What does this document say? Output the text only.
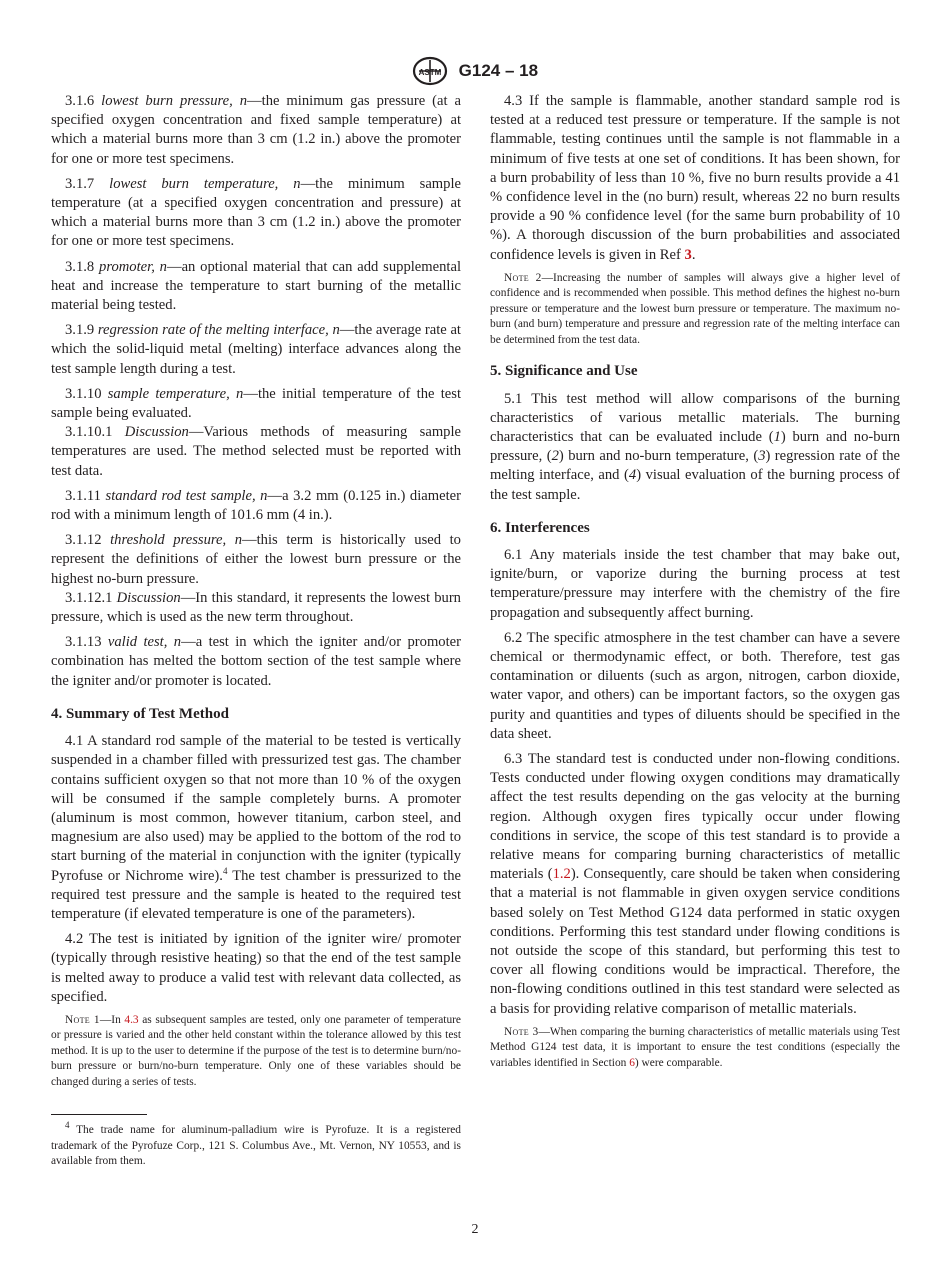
ASTM G124 – 18

3.1.6 lowest burn pressure, n—the minimum gas pressure (at a specified oxygen concentration and fixed sample temperature) at which a material burns more than 3 cm (1.2 in.) above the promoter for one or more test specimens.

3.1.7 lowest burn temperature, n—the minimum sample temperature (at a specified oxygen concentration and pressure) at which a material burns more than 3 cm (1.2 in.) above the promoter for one or more test specimens.

3.1.8 promoter, n—an optional material that can add supplemental heat and increase the temperature to start burning of the metallic material being tested.

3.1.9 regression rate of the melting interface, n—the average rate at which the solid-liquid metal (melting) interface advances along the test sample length during a test.

3.1.10 sample temperature, n—the initial temperature of the test sample being evaluated.

3.1.10.1 Discussion—Various methods of measuring sample temperatures are used. The method selected must be reported with test data.

3.1.11 standard rod test sample, n—a 3.2 mm (0.125 in.) diameter rod with a minimum length of 101.6 mm (4 in.).

3.1.12 threshold pressure, n—this term is historically used to represent the definitions of either the lowest burn pressure or the highest no-burn pressure.

3.1.12.1 Discussion—In this standard, it represents the lowest burn pressure, which is used as the new term throughout.

3.1.13 valid test, n—a test in which the igniter and/or promoter combination has melted the bottom section of the test sample where the igniter and/or promoter is located.

4. Summary of Test Method

4.1 A standard rod sample of the material to be tested is vertically suspended in a chamber filled with pressurized test gas. The chamber contains sufficient oxygen so that not more than 10 % of the oxygen will be consumed if the sample completely burns. A promoter (aluminum is most common, however titanium, carbon steel, and magnesium are also used) may be applied to the bottom of the rod to start burning of the material in conjunction with the igniter (typically Pyrofuse or Nichrome wire).$^4$ The test chamber is pressurized to the required test pressure and the sample is heated to the required test temperature (if elevated temperature is one of the parameters).

4.2 The test is initiated by ignition of the igniter wire/ promoter (typically through resistive heating) so that the end of the test sample is melted away to produce a valid test with relevant data collected, as specified.

Note 1—In 4.3 as subsequent samples are tested, only one parameter of temperature or pressure is varied and the other held constant within the tolerance allowed by this test method. It is up to the user to determine if the purpose of the test is to determine burn/no-burn pressure or burn/no-burn temperature. Only one of these variables should be changed during a series of tests.

$^4$ The trade name for aluminum-palladium wire is Pyrofuze. It is a registered trademark of the Pyrofuze Corp., 121 S. Columbus Ave., Mt. Vernon, NY 10553, and is available from them.

4.3 If the sample is flammable, another standard sample rod is tested at a reduced test pressure or temperature. If the sample is not flammable, testing continues until the sample is not flammable in a minimum of five tests at one set of conditions. It has been shown, for a burn probability of less than 10 %, five no burn results provide a 41 % confidence level in the (no burn) result, whereas 22 no burn results provide a 90 % confidence level (for the same burn probability of 10 %). A thorough discussion of the burn probabilities and associated confidence levels is given in Ref 3.

Note 2—Increasing the number of samples will always give a higher level of confidence and is recommended when possible. This method defines the highest no-burn pressure or temperature and the lowest burn pressure or temperature. The maximum no-burn (and burn) temperature and pressure and regression rate of the melting interface can be determined from the test data.
5. Significance and Use

5.1 This test method will allow comparisons of the burning characteristics of various metallic materials. The burning characteristics that can be evaluated include (1) burn and no-burn pressure, (2) burn and no-burn temperature, (3) regression rate of the melting interface, and (4) visual evaluation of the burning process of the test sample.

6. Interferences

6.1 Any materials inside the test chamber that may bake out, ignite/burn, or vaporize during the burning process at test temperature/pressure may interfere with the chemistry of the fire propagation and subsequently affect burning.

6.2 The specific atmosphere in the test chamber can have a severe chemical or thermodynamic effect, or both. Therefore, test gas contamination or diluents (such as argon, nitrogen, carbon dioxide, water vapor, and others) can be important factors, so the oxygen gas purity and quantities and types of diluents should be specified in the data sheet.

6.3 The standard test is conducted under non-flowing conditions. Tests conducted under flowing oxygen conditions may dramatically affect the test results depending on the gas velocity at the burning region. Although oxygen fires typically occur under flowing conditions in service, the scope of this test standard is to provide a relative means for comparing burning characteristics of metallic materials (1.2). Consequently, care should be taken when considering that a material is not flammable in given oxygen service conditions based solely on Test Method G124 data performed in static oxygen conditions. Performing this test standard under flowing conditions is not outside the scope of this standard, but performing this test to cover all flowing conditions would be impractical. Therefore, the non-flowing conditions outlined in this test standard were selected as a basis for providing relative comparison of metallic materials.

Note 3—When comparing the burning characteristics of metallic materials using Test Method G124 test data, it is important to ensure the test conditions (especially the variables identified in Section 6) were comparable.
2
